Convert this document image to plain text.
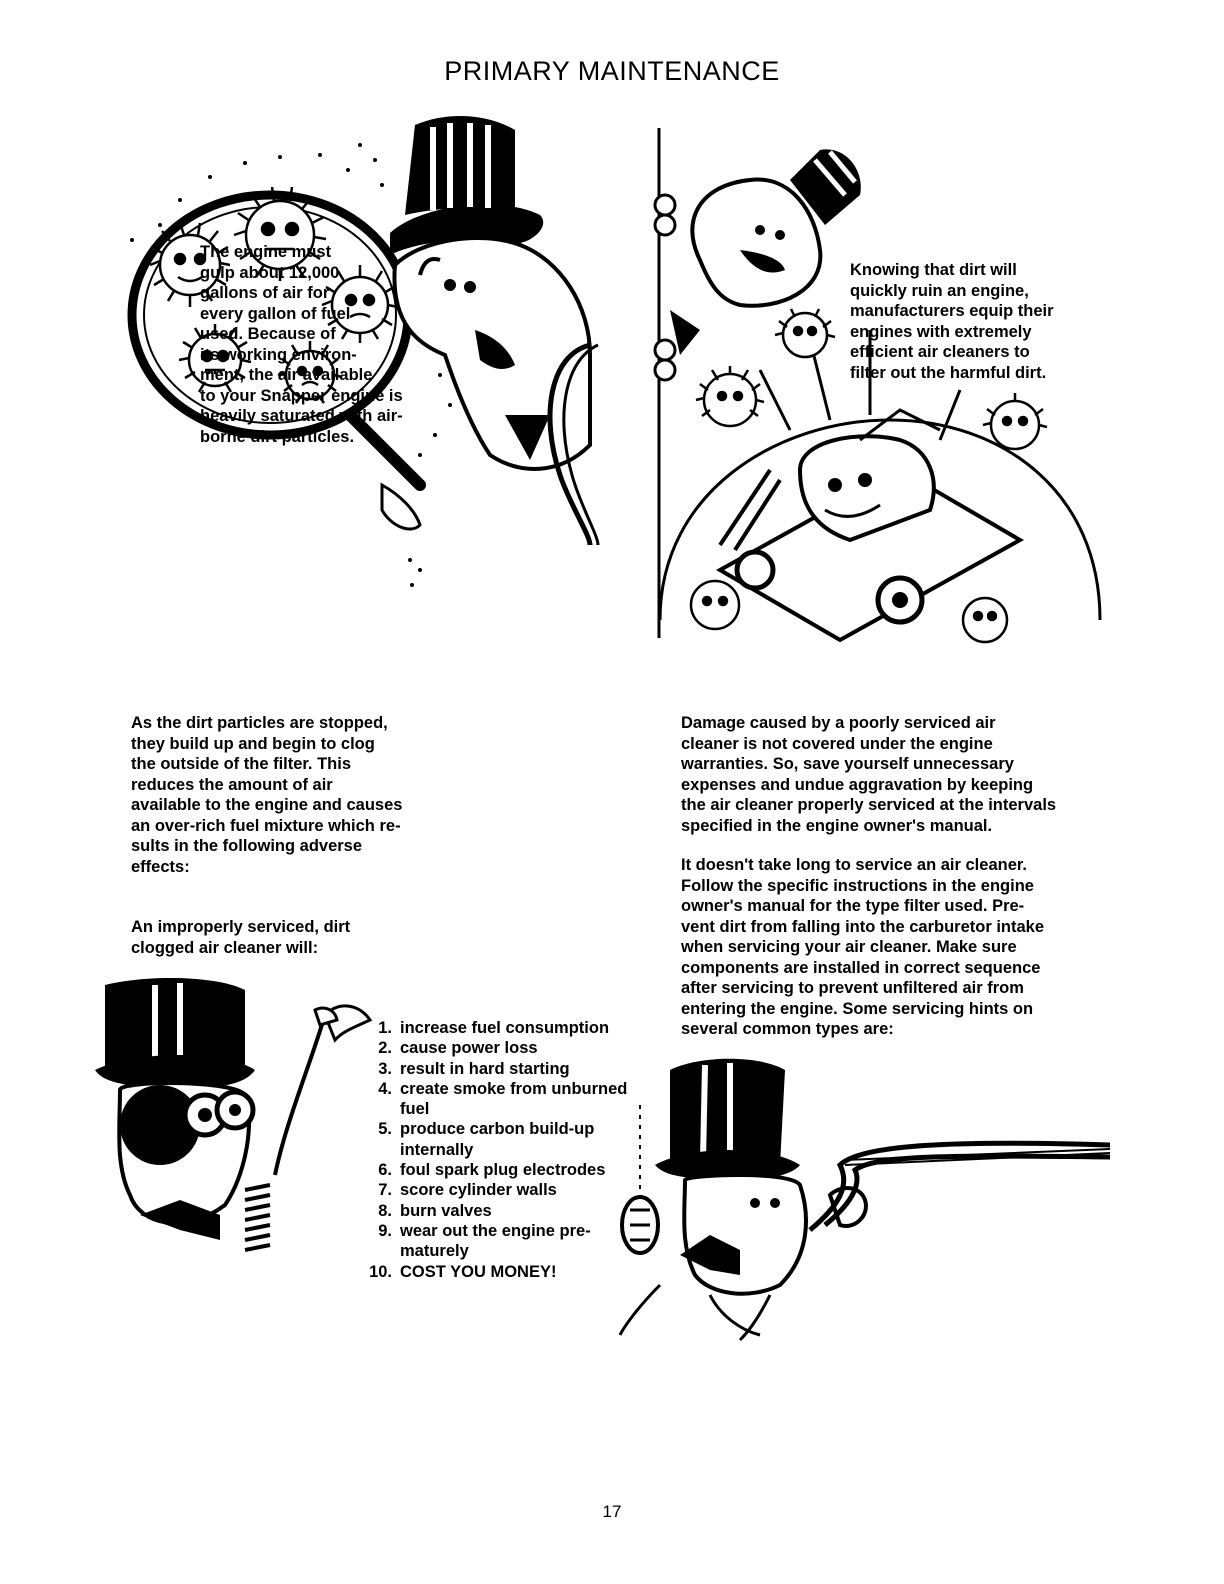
PRIMARY MAINTENANCE
The engine must
gulp about 12,000
gallons of air for
every gallon of fuel
used. Because of
its working environ-
ment, the air available
to your Snapper engine is
heavily saturated with air-
borne dirt particles.
Knowing that dirt will
quickly ruin an engine,
manufacturers equip their
engines with extremely
efficient air cleaners to
filter out the harmful dirt.
As the dirt particles are stopped,
they build up and begin to clog
the outside of the filter. This
reduces the amount of air
available to the engine and causes
an over-rich fuel mixture which re-
sults in the following adverse
effects:
An improperly serviced, dirt
clogged air cleaner will:
Damage caused by a poorly serviced air
cleaner is not covered under the engine
warranties. So, save yourself unnecessary
expenses and undue aggravation by keeping
the air cleaner properly serviced at the intervals
specified in the engine owner's manual.
It doesn't take long to service an air cleaner.
Follow the specific instructions in the engine
owner's manual for the type filter used. Pre-
vent dirt from falling into the carburetor intake
when servicing your air cleaner. Make sure
components are installed in correct sequence
after servicing to prevent unfiltered air from
entering the engine. Some servicing hints on
several common types are:
1. increase fuel consumption
2. cause power loss
3. result in hard starting
4. create smoke from unburned
fuel
5. produce carbon build-up
internally
6. foul spark plug electrodes
7. score cylinder walls
8. burn valves
9. wear out the engine pre-
maturely
10. COST YOU MONEY!
17
